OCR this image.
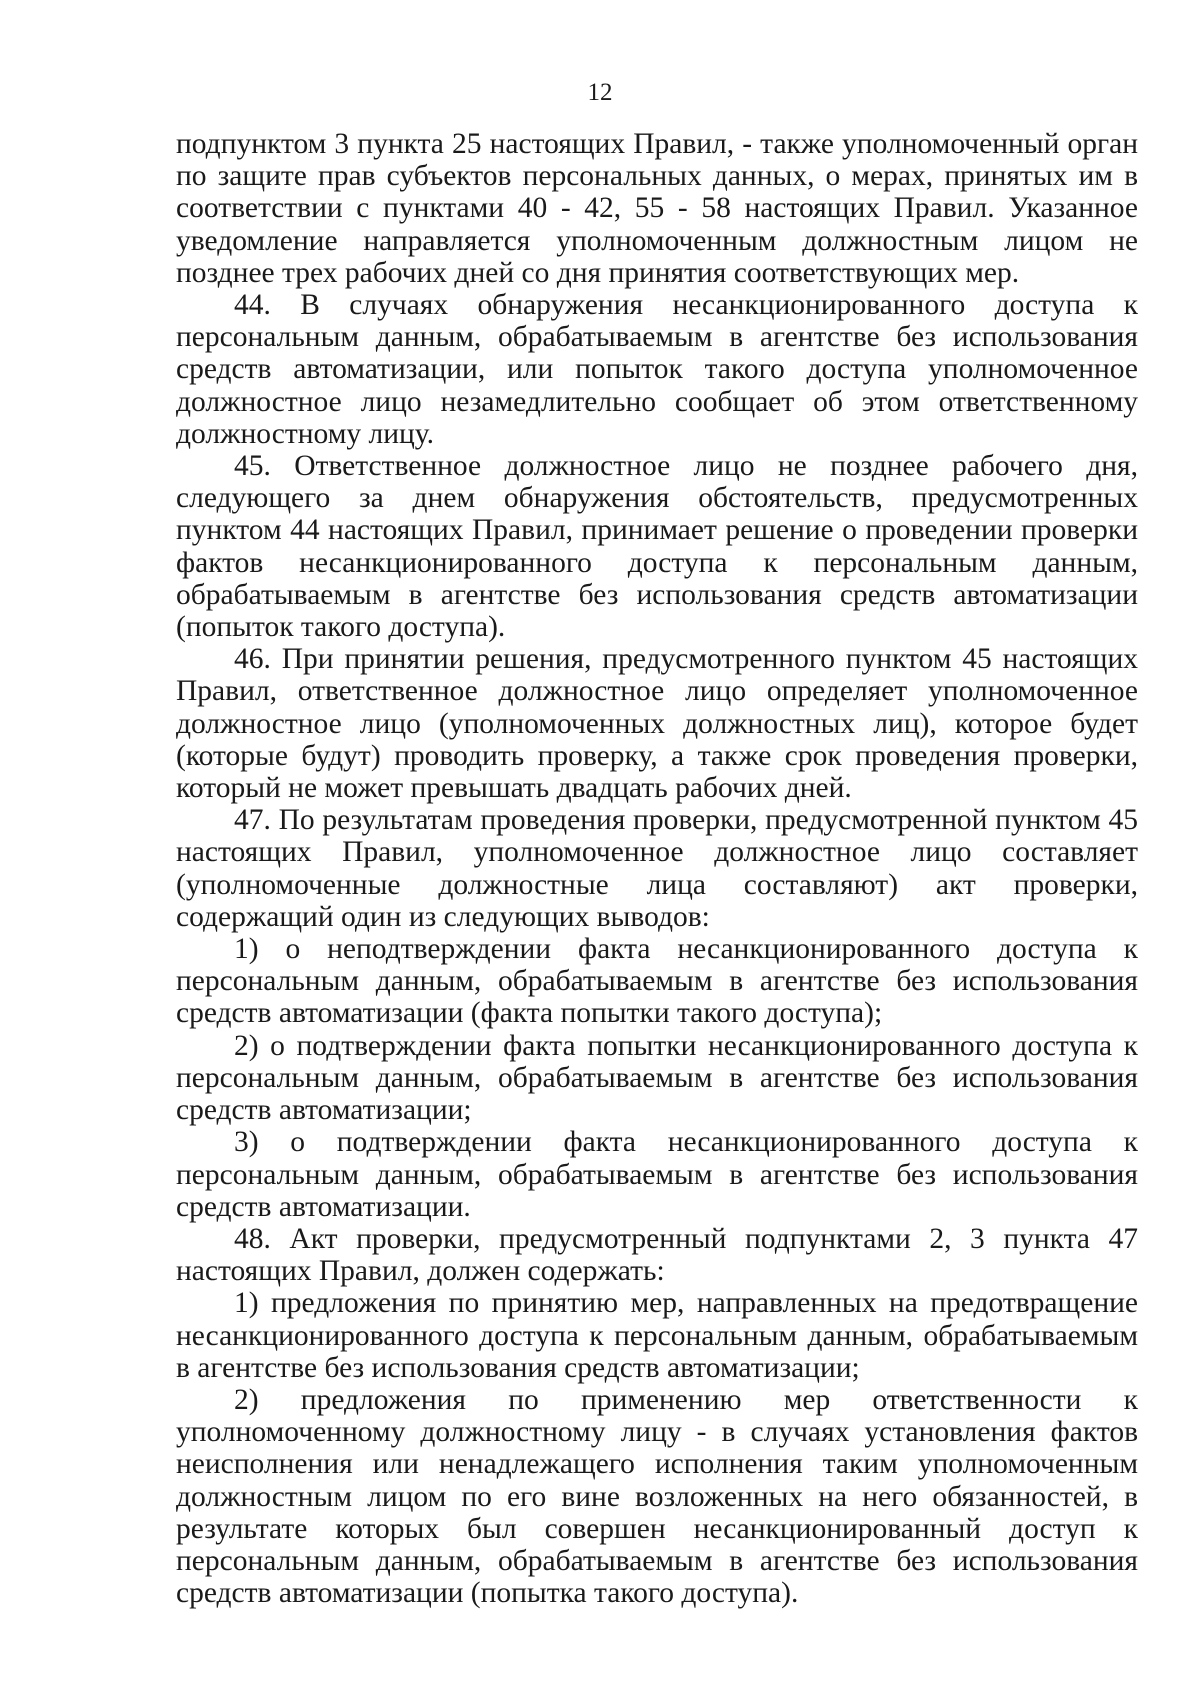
12

подпунктом 3 пункта 25 настоящих Правил, - также уполномоченный орган по защите прав субъектов персональных данных, о мерах, принятых им в соответствии с пунктами 40 - 42, 55 - 58 настоящих Правил. Указанное уведомление направляется уполномоченным должностным лицом не позднее трех рабочих дней со дня принятия соответствующих мер.

44. В случаях обнаружения несанкционированного доступа к персональным данным, обрабатываемым в агентстве без использования средств автоматизации, или попыток такого доступа уполномоченное должностное лицо незамедлительно сообщает об этом ответственному должностному лицу.

45. Ответственное должностное лицо не позднее рабочего дня, следующего за днем обнаружения обстоятельств, предусмотренных пунктом 44 настоящих Правил, принимает решение о проведении проверки фактов несанкционированного доступа к персональным данным, обрабатываемым в агентстве без использования средств автоматизации (попыток такого доступа).

46. При принятии решения, предусмотренного пунктом 45 настоящих Правил, ответственное должностное лицо определяет уполномоченное должностное лицо (уполномоченных должностных лиц), которое будет (которые будут) проводить проверку, а также срок проведения проверки, который не может превышать двадцать рабочих дней.

47. По результатам проведения проверки, предусмотренной пунктом 45 настоящих Правил, уполномоченное должностное лицо составляет (уполномоченные должностные лица составляют) акт проверки, содержащий один из следующих выводов:

1) о неподтверждении факта несанкционированного доступа к персональным данным, обрабатываемым в агентстве без использования средств автоматизации (факта попытки такого доступа);

2) о подтверждении факта попытки несанкционированного доступа к персональным данным, обрабатываемым в агентстве без использования средств автоматизации;

3) о подтверждении факта несанкционированного доступа к персональным данным, обрабатываемым в агентстве без использования средств автоматизации.

48. Акт проверки, предусмотренный подпунктами 2, 3 пункта 47 настоящих Правил, должен содержать:

1) предложения по принятию мер, направленных на предотвращение несанкционированного доступа к персональным данным, обрабатываемым в агентстве без использования средств автоматизации;

2) предложения по применению мер ответственности к уполномоченному должностному лицу - в случаях установления фактов неисполнения или ненадлежащего исполнения таким уполномоченным должностным лицом по его вине возложенных на него обязанностей, в результате которых был совершен несанкционированный доступ к персональным данным, обрабатываемым в агентстве без использования средств автоматизации (попытка такого доступа).
